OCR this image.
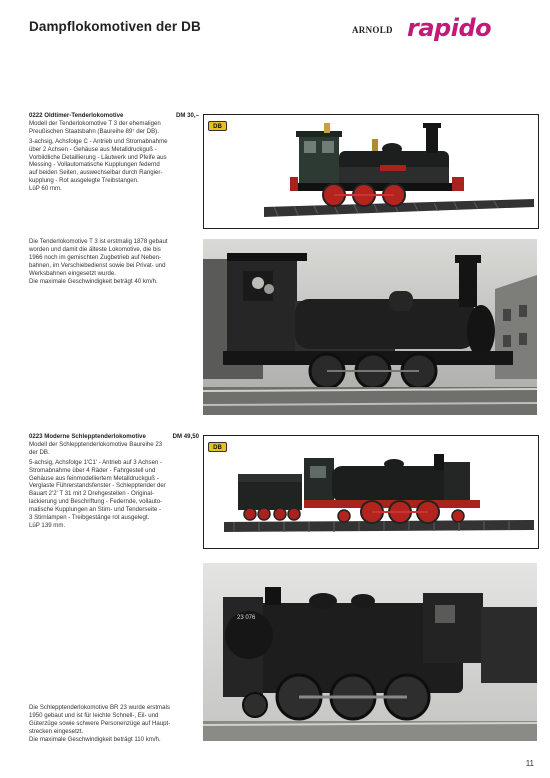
Dampflokomotiven der DB	ARNOLD rapido
0222 Oldtimer-Tenderlokomotive	DM 30,–
Modell der Tenderlokomotive T 3 der ehemaligen
Preußischen Staatsbahn (Baureihe 89⁷ der DB).
3-achsig, Achsfolge C - Antrieb und Stromabnahme
über 2 Achsen - Gehäuse aus Metalldruckguß -
Vorbildliche Detaillierung - Läutwerk und Pfeife aus
Messing - Vollautomatische Kupplungen federnd
auf beiden Seiten, auswechselbar durch Rangier-
kupplung - Rot ausgelegte Treibstangen.
LüP 60 mm.
DB
Die Tenderlokomotive T 3 ist erstmalig 1878 gebaut
worden und damit die älteste Lokomotive, die bis
1966 noch im gemischten Zugbetrieb auf Neben-
bahnen, im Verschiebedienst sowie bei Privat- und
Werksbahnen eingesetzt wurde.
Die maximale Geschwindigkeit beträgt 40 km/h.
0223 Moderne Schlepptenderlokomotive	DM 49,50
Modell der Schlepptenderlokomotive Baureihe 23
der DB.
5-achsig, Achsfolge 1'C1' - Antrieb auf 3 Achsen -
Stromabnahme über 4 Räder - Fahrgestell und
Gehäuse aus feinmodelliertem Metalldruckguß -
Verglaste Führerstandsfenster - Schlepptender der
Bauart 2'2' T 31 mit 2 Drehgestellen - Original-
lackierung und Beschriftung - Federnde, vollauto-
matische Kupplungen an Stirn- und Tenderseite -
3 Stirnlampen - Treibgestänge rot ausgelegt.
LüP 139 mm.
DB
23 076
Die Schlepptenderlokomotive BR 23 wurde erstmals
1950 gebaut und ist für leichte Schnell-, Eil- und
Güterzüge sowie schwere Personenzüge auf Haupt-
strecken eingesetzt.
Die maximale Geschwindigkeit beträgt 110 km/h.
11
